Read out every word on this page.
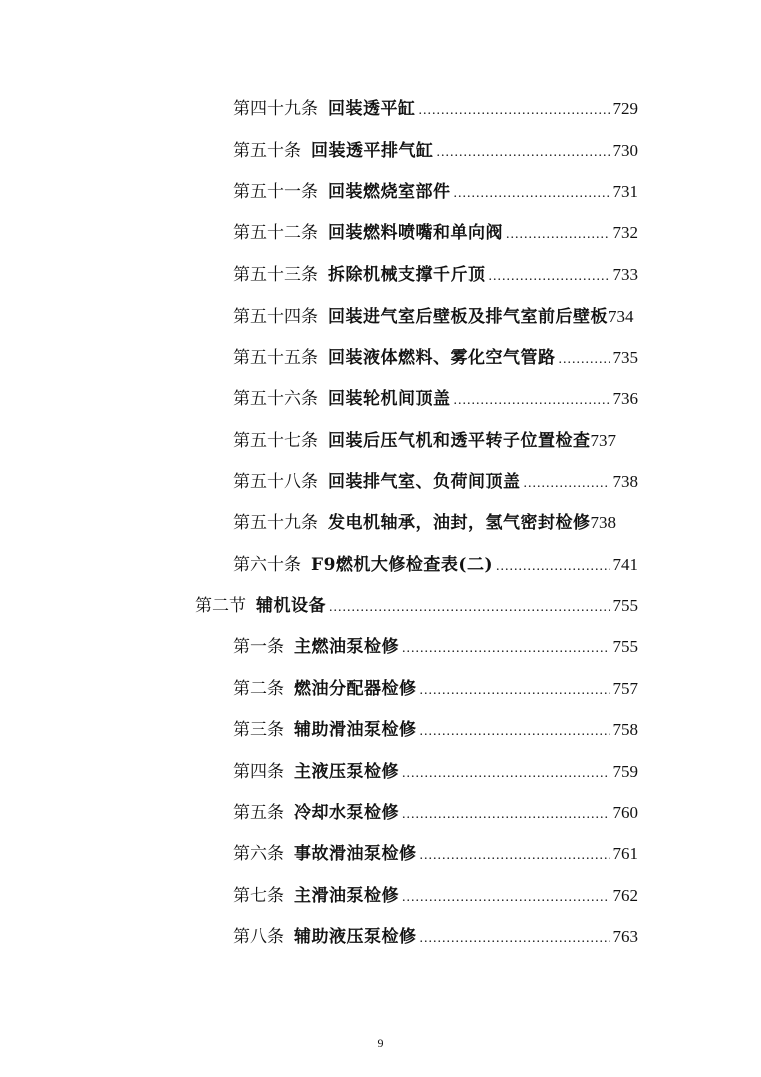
第四十九条 回装透平缸 .....	729
第五十条 回装透平排气缸 .....	730
第五十一条 回装燃烧室部件 .....	731
第五十二条 回装燃料喷嘴和单向阀 .....	732
第五十三条 拆除机械支撑千斤顶 .....	733
第五十四条 回装进气室后壁板及排气室前后壁板 734
第五十五条 回装液体燃料、雾化空气管路 .....	735
第五十六条 回装轮机间顶盖 .....	736
第五十七条 回装后压气机和透平转子位置检查 737
第五十八条 回装排气室、负荷间顶盖 .....	738
第五十九条 发电机轴承，油封，氢气密封检修 738
第六十条 F9燃机大修检查表(二) .....	741
第二节 辅机设备 .....	755
第一条 主燃油泵检修 .....	755
第二条 燃油分配器检修 .....	757
第三条 辅助滑油泵检修 .....	758
第四条 主液压泵检修 .....	759
第五条 冷却水泵检修 .....	760
第六条 事故滑油泵检修 .....	761
第七条 主滑油泵检修 .....	762
第八条 辅助液压泵检修 .....	763
9
